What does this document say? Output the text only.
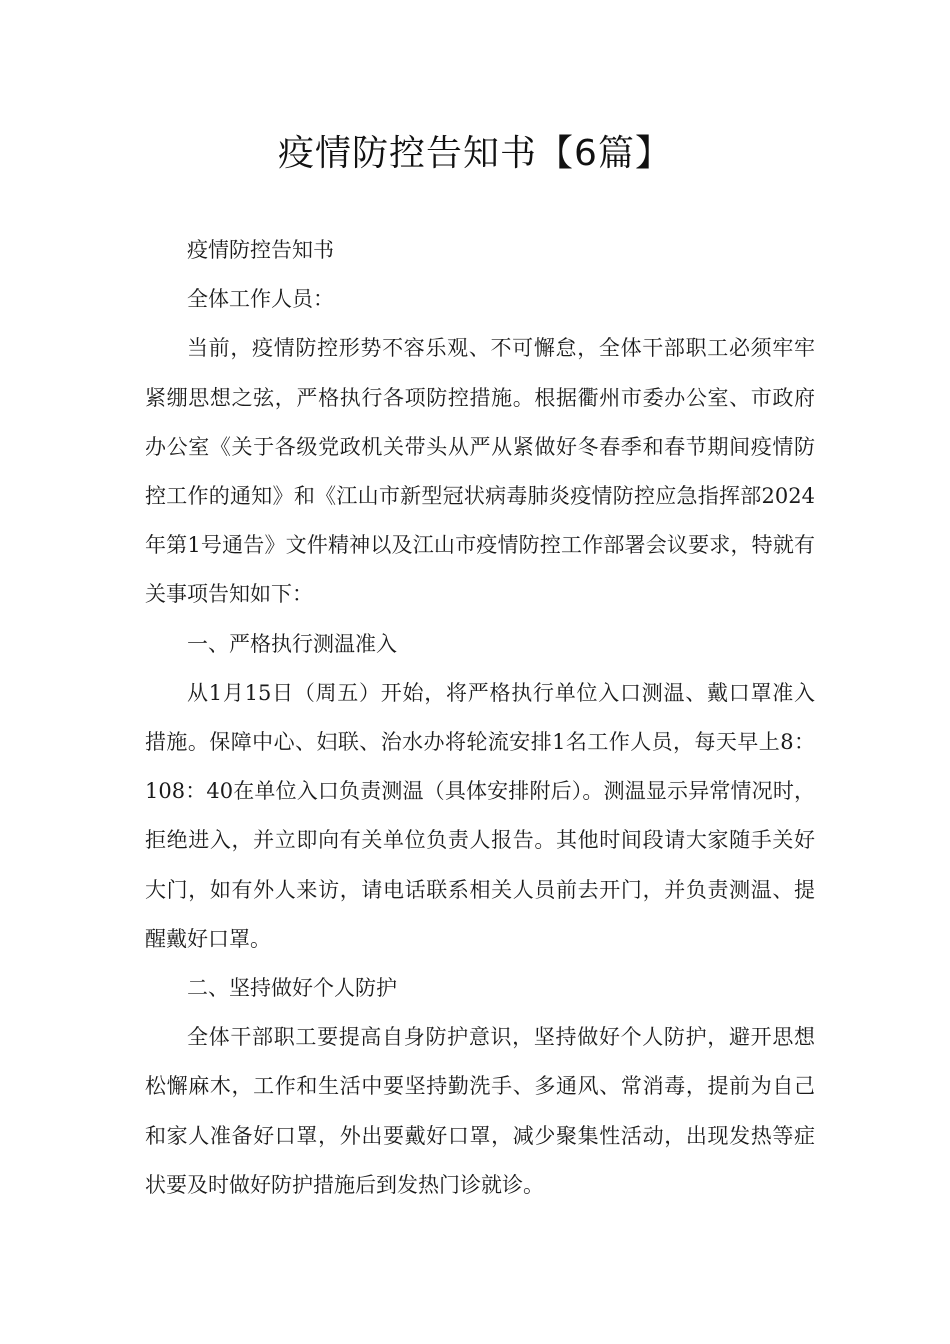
疫情防控告知书【6篇】

疫情防控告知书

全体工作人员：

当前，疫情防控形势不容乐观、不可懈怠，全体干部职工必须牢牢紧绷思想之弦，严格执行各项防控措施。根据衢州市委办公室、市政府办公室《关于各级党政机关带头从严从紧做好冬春季和春节期间疫情防控工作的通知》和《江山市新型冠状病毒肺炎疫情防控应急指挥部2024年第1号通告》文件精神以及江山市疫情防控工作部署会议要求，特就有关事项告知如下：

一、严格执行测温准入

从1月15日（周五）开始，将严格执行单位入口测温、戴口罩准入措施。保障中心、妇联、治水办将轮流安排1名工作人员，每天早上8：108：40在单位入口负责测温（具体安排附后）。测温显示异常情况时，拒绝进入，并立即向有关单位负责人报告。其他时间段请大家随手关好大门，如有外人来访，请电话联系相关人员前去开门，并负责测温、提醒戴好口罩。

二、坚持做好个人防护

全体干部职工要提高自身防护意识，坚持做好个人防护，避开思想松懈麻木，工作和生活中要坚持勤洗手、多通风、常消毒，提前为自己和家人准备好口罩，外出要戴好口罩，减少聚集性活动，出现发热等症状要及时做好防护措施后到发热门诊就诊。
